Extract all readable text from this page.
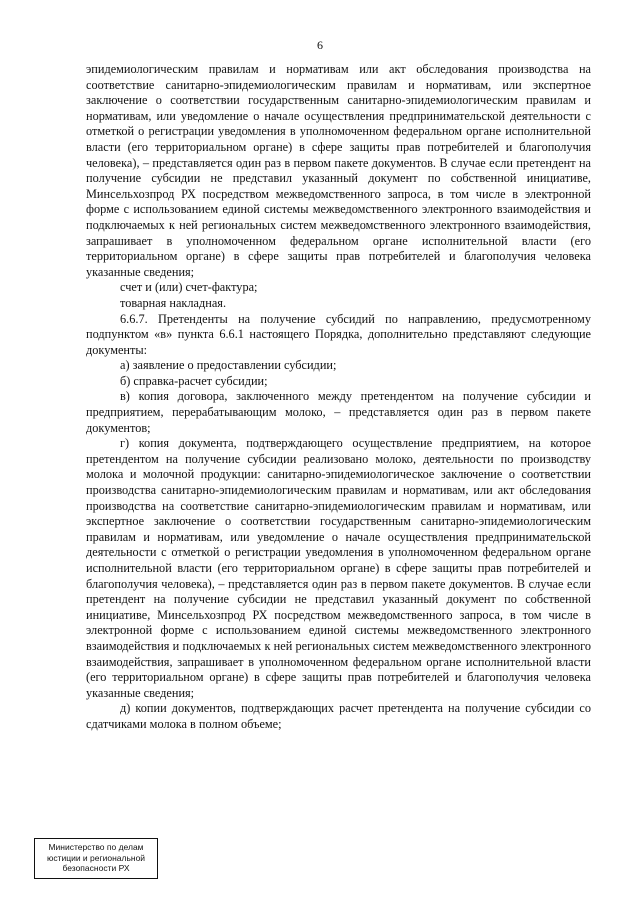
6

эпидемиологическим правилам и нормативам или акт обследования производства на соответствие санитарно-эпидемиологическим правилам и нормативам, или экспертное заключение о соответствии государственным санитарно-эпидемиологическим правилам и нормативам, или уведомление о начале осуществления предпринимательской деятельности с отметкой о регистрации уведомления в уполномоченном федеральном органе исполнительной власти (его территориальном органе) в сфере защиты прав потребителей и благополучия человека), – представляется один раз в первом пакете документов. В случае если претендент на получение субсидии не представил указанный документ по собственной инициативе, Минсельхозпрод РХ посредством межведомственного запроса, в том числе в электронной форме с использованием единой системы межведомственного электронного взаимодействия и подключаемых к ней региональных систем межведомственного электронного взаимодействия, запрашивает в уполномоченном федеральном органе исполнительной власти (его территориальном органе) в сфере защиты прав потребителей и благополучия человека указанные сведения;

счет и (или) счет-фактура;

товарная накладная.

6.6.7. Претенденты на получение субсидий по направлению, предусмотренному подпунктом «в» пункта 6.6.1 настоящего Порядка, дополнительно представляют следующие документы:

а) заявление о предоставлении субсидии;

б) справка-расчет субсидии;

в) копия договора, заключенного между претендентом на получение субсидии и предприятием, перерабатывающим молоко, – представляется один раз в первом пакете документов;

г) копия документа, подтверждающего осуществление предприятием, на которое претендентом на получение субсидии реализовано молоко, деятельности по производству молока и молочной продукции: санитарно-эпидемиологическое заключение о соответствии производства санитарно-эпидемиологическим правилам и нормативам, или акт обследования производства на соответствие санитарно-эпидемиологическим правилам и нормативам, или экспертное заключение о соответствии государственным санитарно-эпидемиологическим правилам и нормативам, или уведомление о начале осуществления предпринимательской деятельности с отметкой о регистрации уведомления в уполномоченном федеральном органе исполнительной власти (его территориальном органе) в сфере защиты прав потребителей и благополучия человека), – представляется один раз в первом пакете документов. В случае если претендент на получение субсидии не представил указанный документ по собственной инициативе, Минсельхозпрод РХ посредством межведомственного запроса, в том числе в электронной форме с использованием единой системы межведомственного электронного взаимодействия и подключаемых к ней региональных систем межведомственного электронного взаимодействия, запрашивает в уполномоченном федеральном органе исполнительной власти (его территориальном органе) в сфере защиты прав потребителей и благополучия человека указанные сведения;

д) копии документов, подтверждающих расчет претендента на получение субсидии со сдатчиками молока в полном объеме;

Министерство по делам
юстиции и региональной
безопасности РХ
